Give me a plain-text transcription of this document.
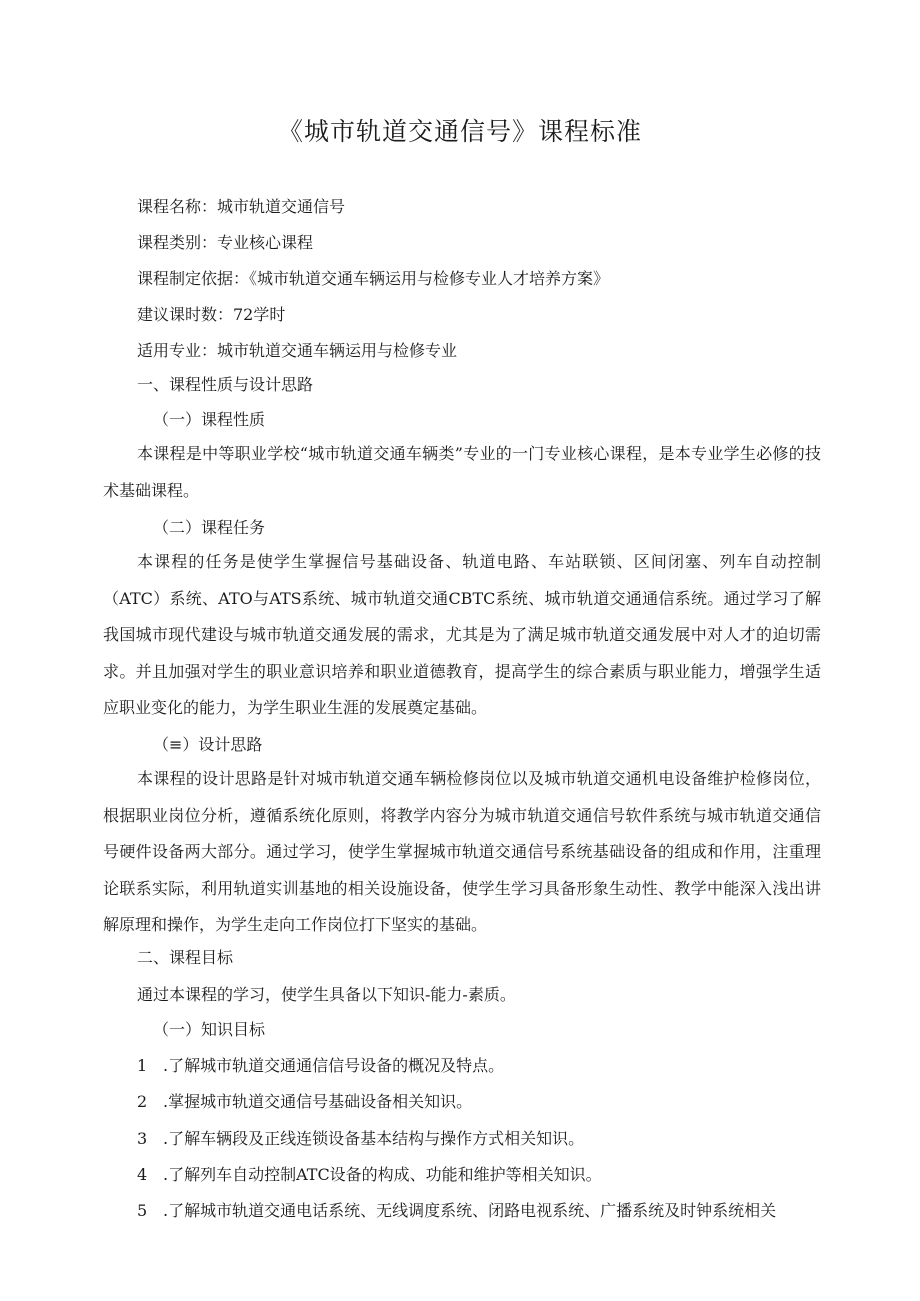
《城市轨道交通信号》课程标准
课程名称：城市轨道交通信号
课程类别：专业核心课程
课程制定依据：《城市轨道交通车辆运用与检修专业人才培养方案》
建议课时数：72学时
适用专业：城市轨道交通车辆运用与检修专业
一、课程性质与设计思路
（一）课程性质

本课程是中等职业学校“城市轨道交通车辆类”专业的一门专业核心课程，是本专业学生必修的技术基础课程。

（二）课程任务

本课程的任务是使学生掌握信号基础设备、轨道电路、车站联锁、区间闭塞、列车自动控制（ATC）系统、ATO与ATS系统、城市轨道交通CBTC系统、城市轨道交通通信系统。通过学习了解我国城市现代建设与城市轨道交通发展的需求，尤其是为了满足城市轨道交通发展中对人才的迫切需求。并且加强对学生的职业意识培养和职业道德教育，提高学生的综合素质与职业能力，增强学生适应职业变化的能力，为学生职业生涯的发展奠定基础。

（≡）设计思路

本课程的设计思路是针对城市轨道交通车辆检修岗位以及城市轨道交通机电设备维护检修岗位，根据职业岗位分析，遵循系统化原则，将教学内容分为城市轨道交通信号软件系统与城市轨道交通信号硬件设备两大部分。通过学习，使学生掌握城市轨道交通信号系统基础设备的组成和作用，注重理论联系实际，利用轨道实训基地的相关设施设备，使学生学习具备形象生动性、教学中能深入浅出讲解原理和操作，为学生走向工作岗位打下坚实的基础。

二、课程目标
通过本课程的学习，使学生具备以下知识-能力-素质。
（一）知识目标
1 .了解城市轨道交通通信信号设备的概况及特点。
2 .掌握城市轨道交通信号基础设备相关知识。
3 .了解车辆段及正线连锁设备基本结构与操作方式相关知识。
4 .了解列车自动控制ATC设备的构成、功能和维护等相关知识。
5 .了解城市轨道交通电话系统、无线调度系统、闭路电视系统、广播系统及时钟系统相关
